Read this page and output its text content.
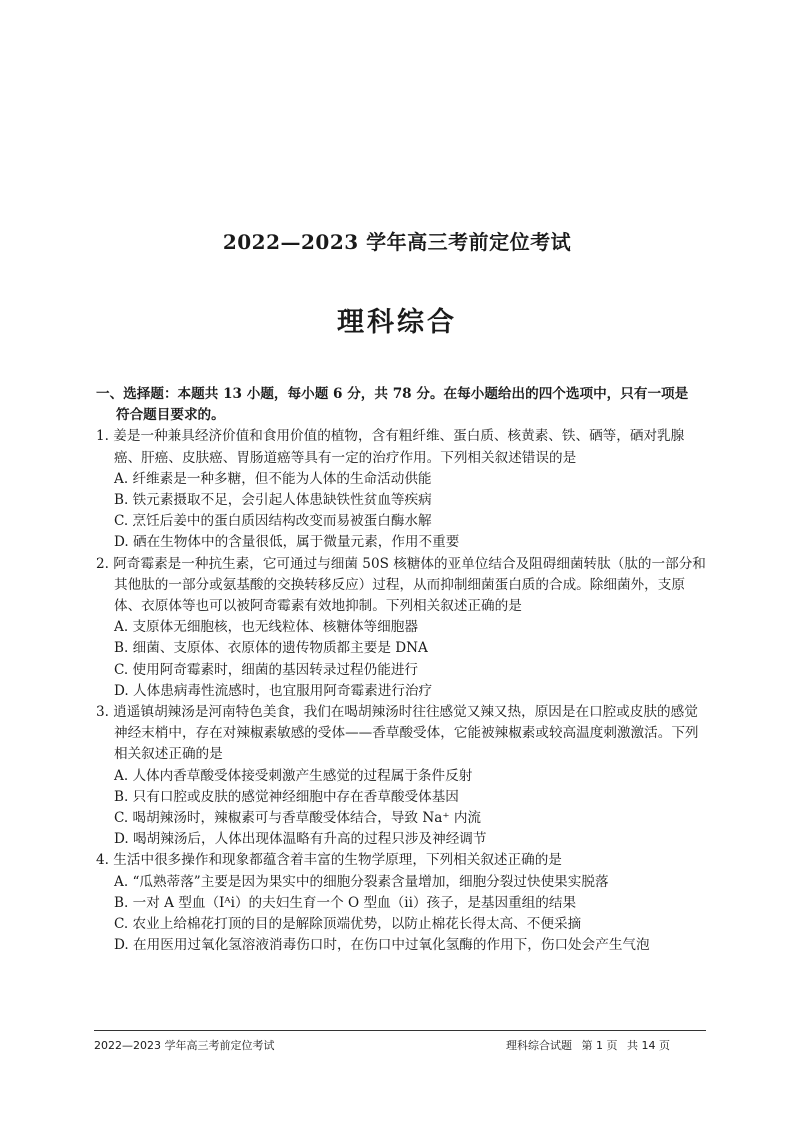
2022—2023 学年高三考前定位考试
理科综合

一、选择题：本题共 13 小题，每小题 6 分，共 78 分。在每小题给出的四个选项中，只有一项是
符合题目要求的。

1. 姜是一种兼具经济价值和食用价值的植物，含有粗纤维、蛋白质、核黄素、铁、硒等，硒对乳腺癌、肝癌、皮肤癌、胃肠道癌等具有一定的治疗作用。下列相关叙述错误的是
A. 纤维素是一种多糖，但不能为人体的生命活动供能
B. 铁元素摄取不足，会引起人体患缺铁性贫血等疾病
C. 烹饪后姜中的蛋白质因结构改变而易被蛋白酶水解
D. 硒在生物体中的含量很低，属于微量元素，作用不重要
2. 阿奇霉素是一种抗生素，它可通过与细菌 50S 核糖体的亚单位结合及阻碍细菌转肽（肽的一部分和其他肽的一部分或氨基酸的交换转移反应）过程，从而抑制细菌蛋白质的合成。除细菌外，支原体、衣原体等也可以被阿奇霉素有效地抑制。下列相关叙述正确的是
A. 支原体无细胞核，也无线粒体、核糖体等细胞器
B. 细菌、支原体、衣原体的遗传物质都主要是 DNA
C. 使用阿奇霉素时，细菌的基因转录过程仍能进行
D. 人体患病毒性流感时，也宜服用阿奇霉素进行治疗
3. 逍遥镇胡辣汤是河南特色美食，我们在喝胡辣汤时往往感觉又辣又热，原因是在口腔或皮肤的感觉神经末梢中，存在对辣椒素敏感的受体——香草酸受体，它能被辣椒素或较高温度刺激激活。下列相关叙述正确的是
A. 人体内香草酸受体接受刺激产生感觉的过程属于条件反射
B. 只有口腔或皮肤的感觉神经细胞中存在香草酸受体基因
C. 喝胡辣汤时，辣椒素可与香草酸受体结合，导致 Na⁺ 内流
D. 喝胡辣汤后，人体出现体温略有升高的过程只涉及神经调节
4. 生活中很多操作和现象都蕴含着丰富的生物学原理，下列相关叙述正确的是
A. “瓜熟蒂落”主要是因为果实中的细胞分裂素含量增加，细胞分裂过快使果实脱落
B. 一对 A 型血（Iᴬi）的夫妇生育一个 O 型血（ii）孩子，是基因重组的结果
C. 农业上给棉花打顶的目的是解除顶端优势，以防止棉花长得太高、不便采摘
D. 在用医用过氧化氢溶液消毒伤口时，在伤口中过氧化氢酶的作用下，伤口处会产生气泡
2022—2023 学年高三考前定位考试	理科综合试题 第 1 页 共 14 页
